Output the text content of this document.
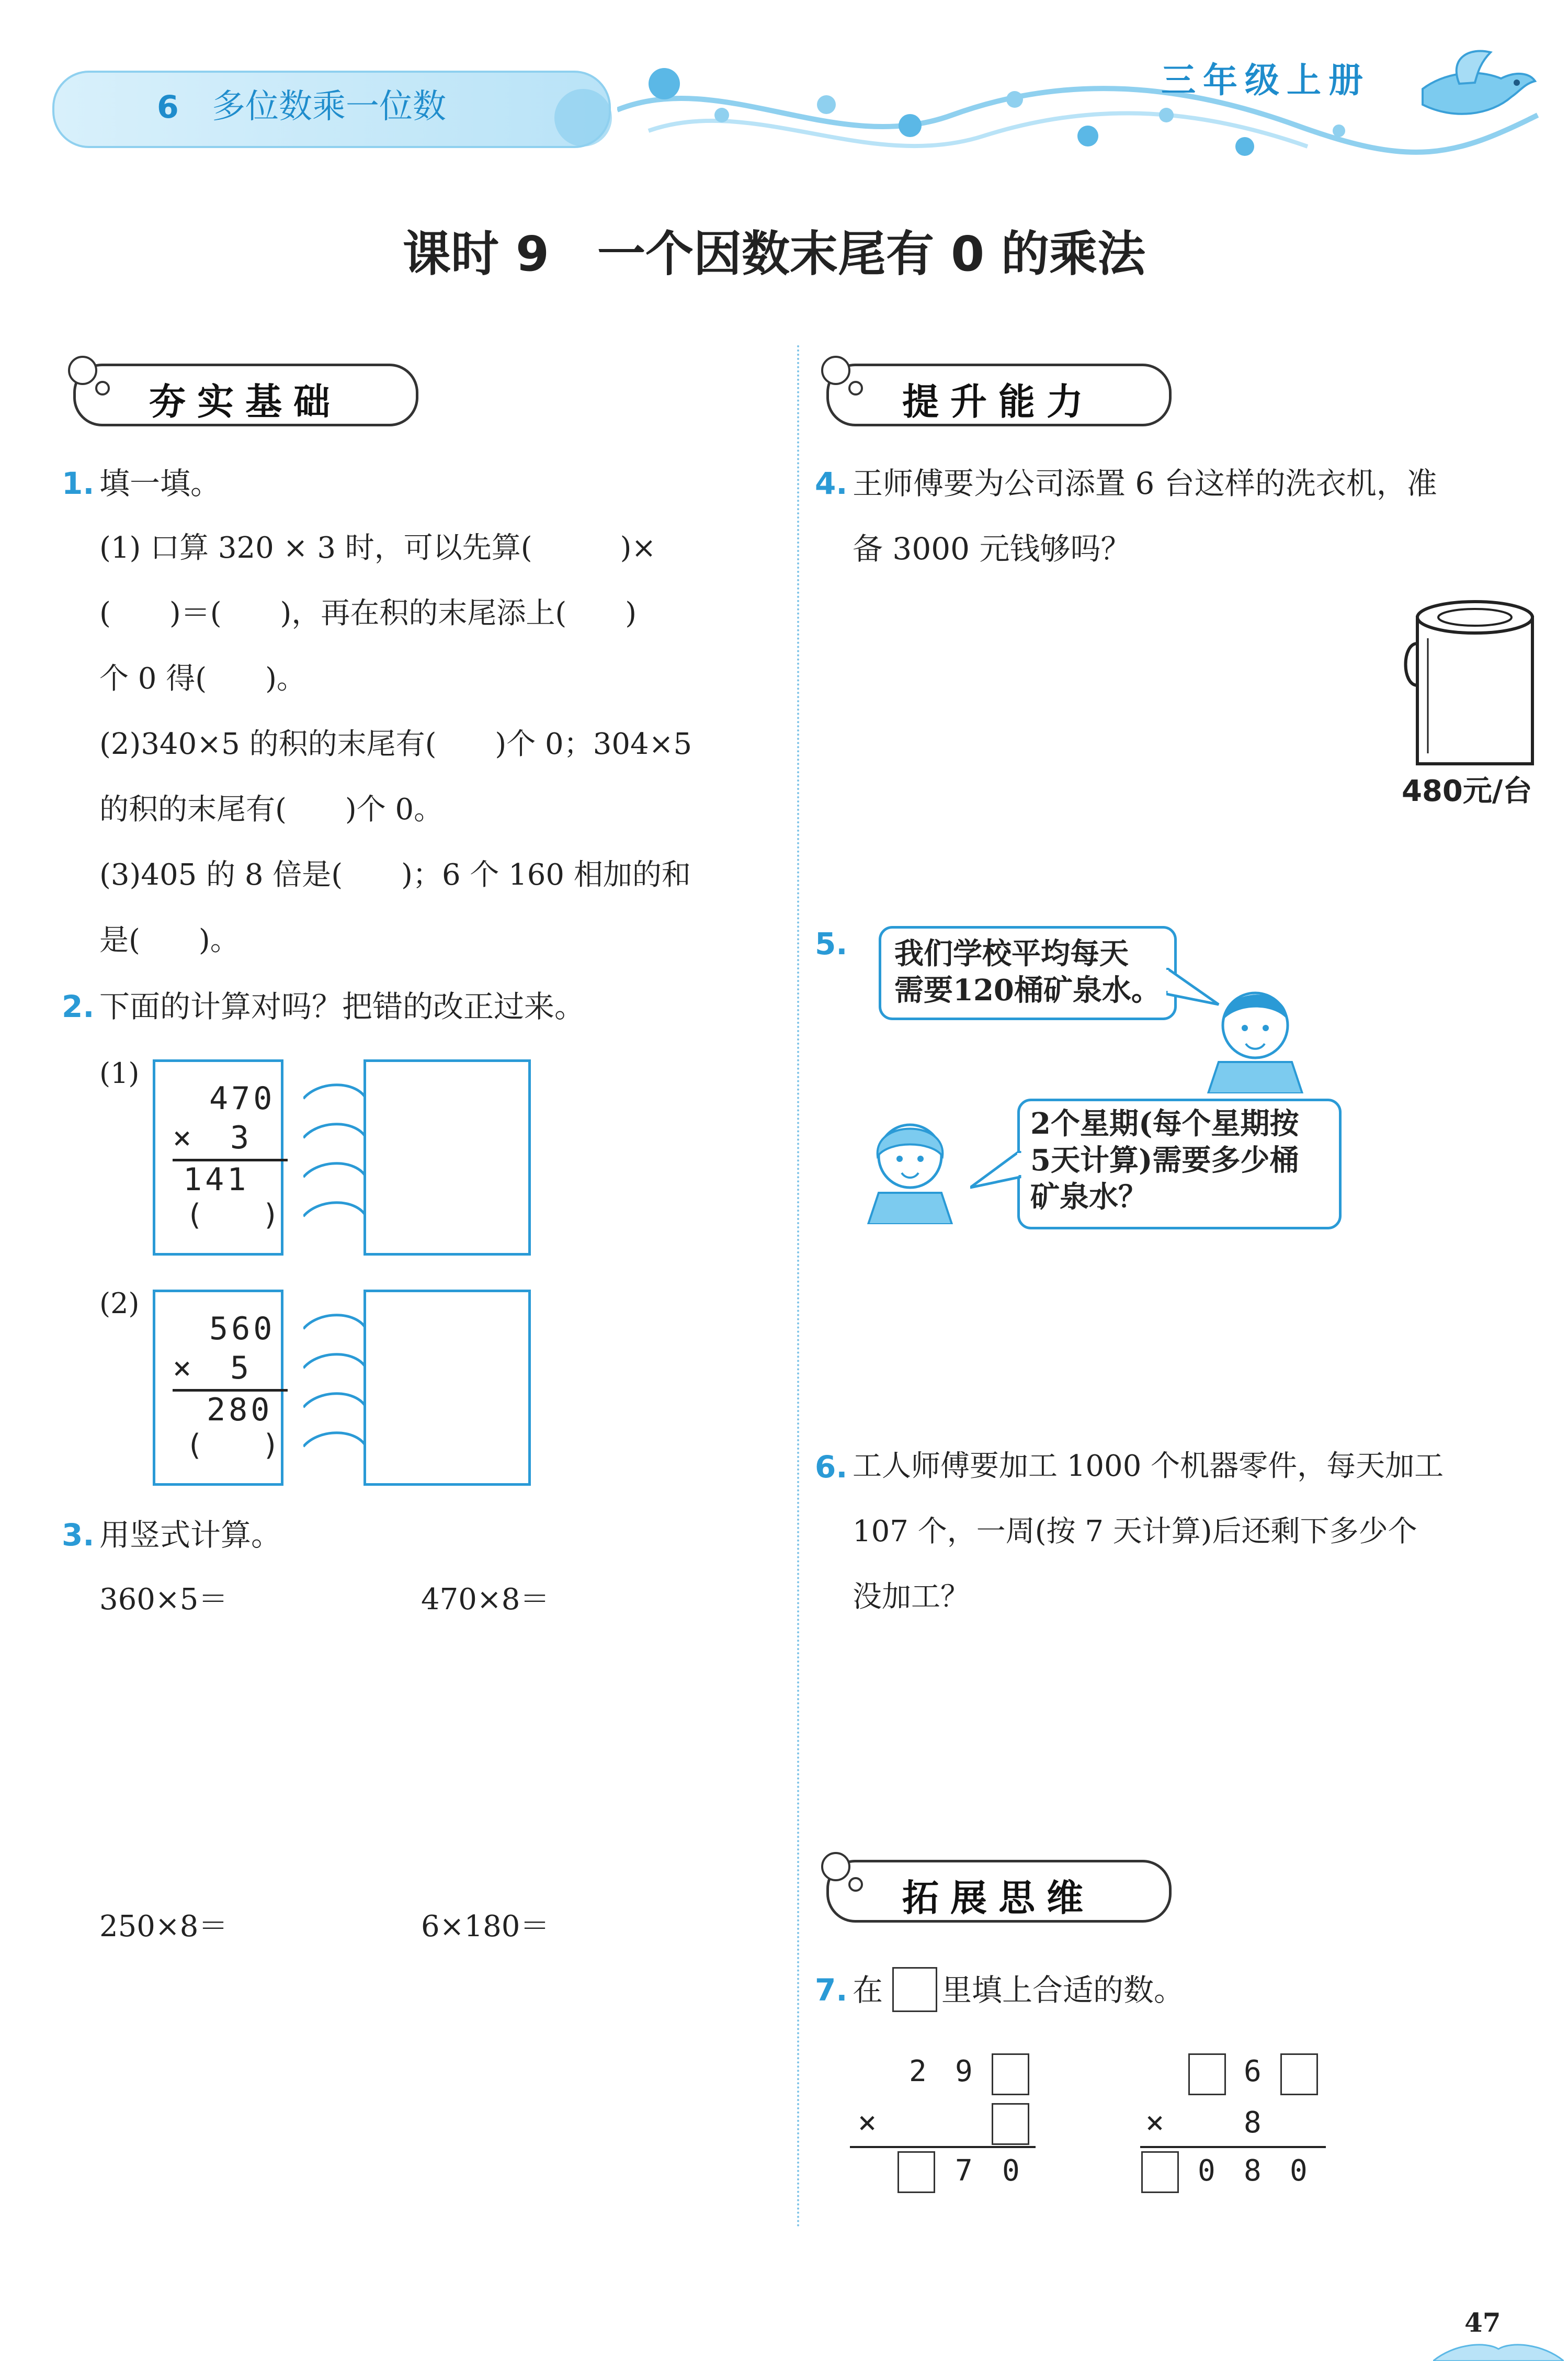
6 多位数乘一位数
三年级上册
课时 9　一个因数末尾有 0 的乘法
夯实基础	提升能力
拓展思维
1. 填一填。
(1) 口算 320 × 3 时，可以先算(　　　)×
(　　)＝(　　)，再在积的末尾添上(　　)
个 0 得(　　)。
(2)340×5 的积的末尾有(　　)个 0；304×5
的积的末尾有(　　)个 0。
(3)405 的 8 倍是(　　)；6 个 160 相加的和
是(　　)。
2. 下面的计算对吗？把错的改正过来。
(1)
470
× 3
141
(　　)
(2)
560
× 5
280
(　　)
3. 用竖式计算。
360×5＝	470×8＝
250×8＝	6×180＝
4. 王师傅要为公司添置 6 台这样的洗衣机，准
备 3000 元钱够吗？
480元/台
5. 我们学校平均每天
需要120桶矿泉水。
2个星期(每个星期按
5天计算)需要多少桶
矿泉水？
6. 工人师傅要加工 1000 个机器零件，每天加工
107 个，一周(按 7 天计算)后还剩下多少个
没加工？
7. 在 里填上合适的数。
2 9
×
7 0
6
×	8
0 8 0
47
